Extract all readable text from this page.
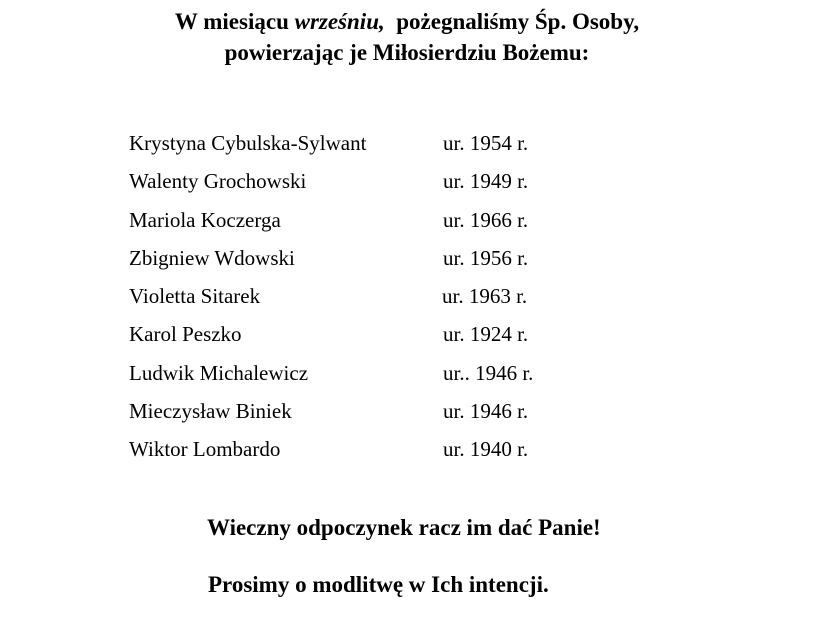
W miesiącu wrześniu,  pożegnaliśmy Śp. Osoby,
powierzając je Miłosierdziu Bożemu:
Krystyna Cybulska-Sylwant	ur. 1954 r.
Walenty Grochowski	ur. 1949 r.
Mariola Koczerga	ur. 1966 r.
Zbigniew Wdowski	ur. 1956 r.
Violetta Sitarek	ur. 1963 r.
Karol Peszko	ur. 1924 r.
Ludwik Michalewicz	ur.. 1946 r.
Mieczysław Biniek	ur. 1946 r.
Wiktor Lombardo	ur. 1940 r.
Wieczny odpoczynek racz im dać Panie!
Prosimy o modlitwę w Ich intencji.
